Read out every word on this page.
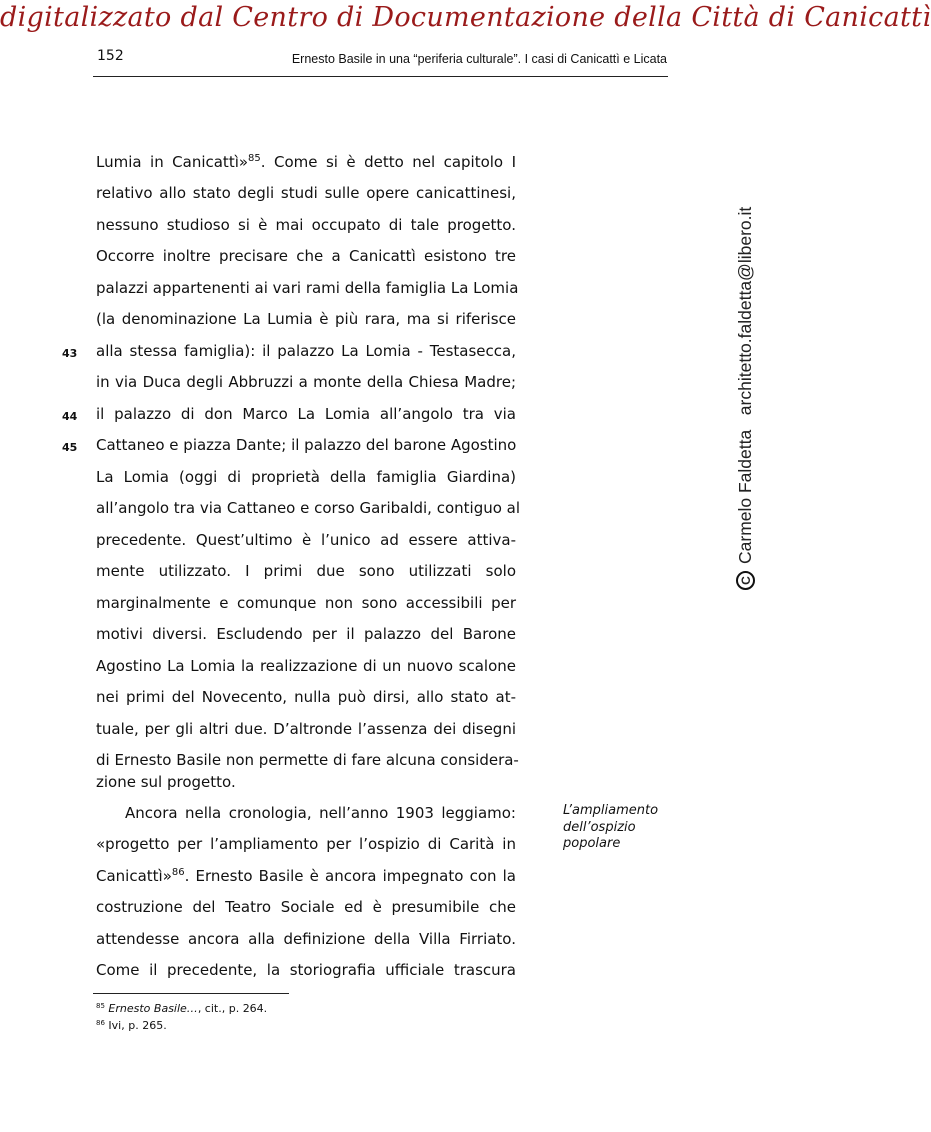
digitalizzato dal Centro di Documentazione della Città di Canicattì
152	Ernesto Basile in una “periferia culturale”. I casi di Canicattì e Licata
Lumia in Canicattì»$^{85}$. Come si è detto nel capitolo I
relativo allo stato degli studi sulle opere canicattinesi,
nessuno studioso si è mai occupato di tale progetto.
Occorre inoltre precisare che a Canicattì esistono tre
palazzi appartenenti ai vari rami della famiglia La Lomia
(la denominazione La Lumia è più rara, ma si riferisce
alla stessa famiglia): il palazzo La Lomia - Testasecca,
in via Duca degli Abbruzzi a monte della Chiesa Madre;
il palazzo di don Marco La Lomia all’angolo tra via
Cattaneo e piazza Dante; il palazzo del barone Agostino
La Lomia (oggi di proprietà della famiglia Giardina)
all’angolo tra via Cattaneo e corso Garibaldi, contiguo al
precedente. Quest’ultimo è l’unico ad essere attiva-
mente utilizzato. I primi due sono utilizzati solo
marginalmente e comunque non sono accessibili per
motivi diversi. Escludendo per il palazzo del Barone
Agostino La Lomia la realizzazione di un nuovo scalone
nei primi del Novecento, nulla può dirsi, allo stato at-
tuale, per gli altri due. D’altronde l’assenza dei disegni
di Ernesto Basile non permette di fare alcuna considera-
zione sul progetto.
Ancora nella cronologia, nell’anno 1903 leggiamo:
«progetto per l’ampliamento per l’ospizio di Carità in
Canicattì»$^{86}$. Ernesto Basile è ancora impegnato con la
costruzione del Teatro Sociale ed è presumibile che
attendesse ancora alla definizione della Villa Firriato.
Come il precedente, la storiografia ufficiale trascura
43
44
45
L’ampliamento
dell’ospizio
popolare
$^{85}$ Ernesto Basile…, cit., p. 264.
$^{86}$ Ivi, p. 265.
C
Carmelo Faldetta   architetto.faldetta@libero.it
